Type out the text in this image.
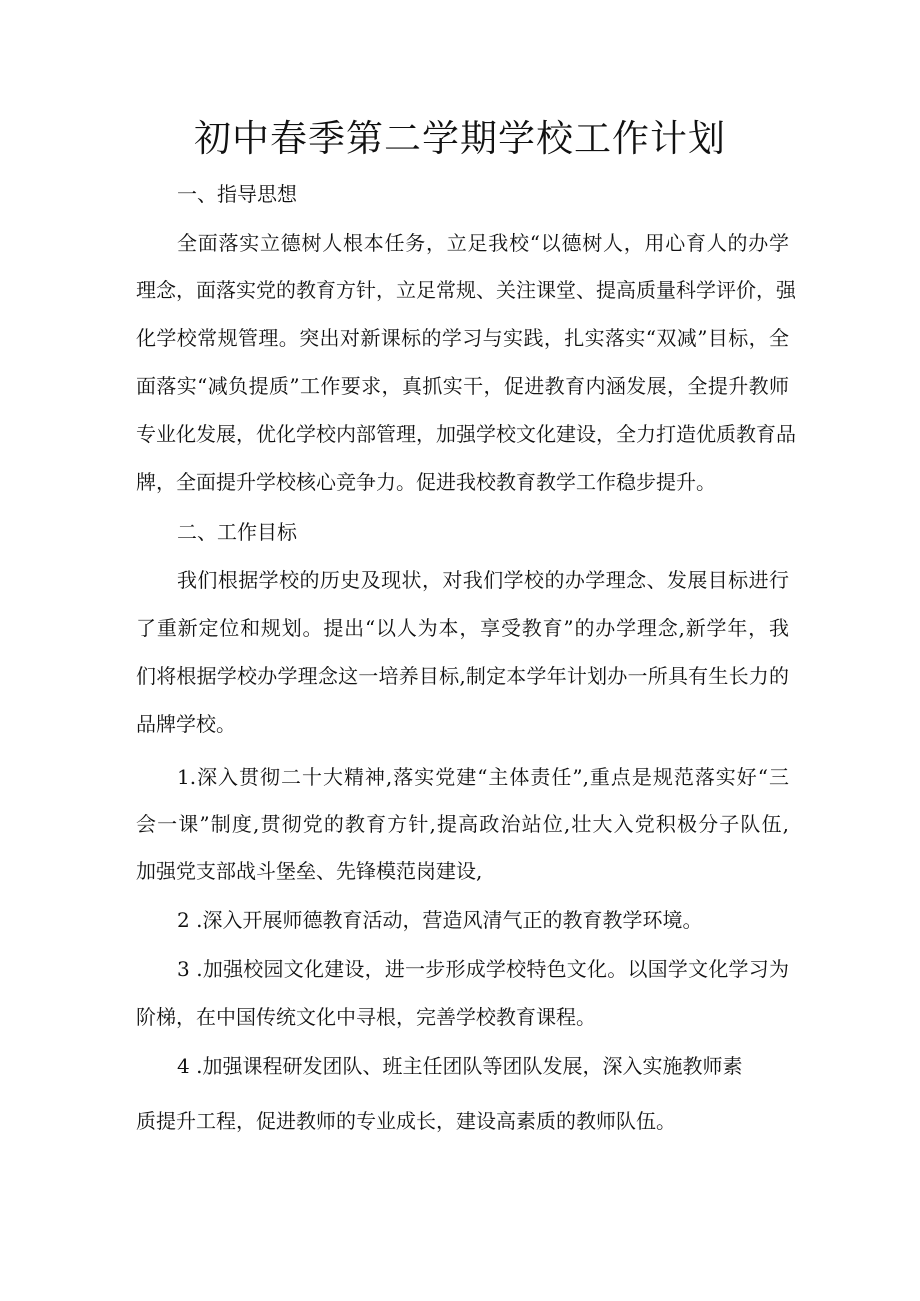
初中春季第二学期学校工作计划
一、指导思想
全面落实立德树人根本任务，立足我校“以德树人，用心育人的办学
理念，面落实党的教育方针，立足常规、关注课堂、提高质量科学评价，强
化学校常规管理。突出对新课标的学习与实践，扎实落实“双减”目标，全
面落实“减负提质”工作要求，真抓实干，促进教育内涵发展，全提升教师
专业化发展，优化学校内部管理，加强学校文化建设，全力打造优质教育品
牌，全面提升学校核心竞争力。促进我校教育教学工作稳步提升。
二、工作目标
我们根据学校的历史及现状，对我们学校的办学理念、发展目标进行
了重新定位和规划。提出“以人为本，享受教育”的办学理念,新学年，我
们将根据学校办学理念这一培养目标,制定本学年计划办一所具有生长力的
品牌学校。
1.深入贯彻二十大精神,落实党建“主体责任”,重点是规范落实好“三
会一课”制度,贯彻党的教育方针,提高政治站位,壮大入党积极分子队伍,
加强党支部战斗堡垒、先锋模范岗建设,
2 .深入开展师德教育活动，营造风清气正的教育教学环境。
3 .加强校园文化建设，进一步形成学校特色文化。以国学文化学习为
阶梯，在中国传统文化中寻根，完善学校教育课程。
4 .加强课程研发团队、班主任团队等团队发展，深入实施教师素
质提升工程，促进教师的专业成长，建设高素质的教师队伍。
